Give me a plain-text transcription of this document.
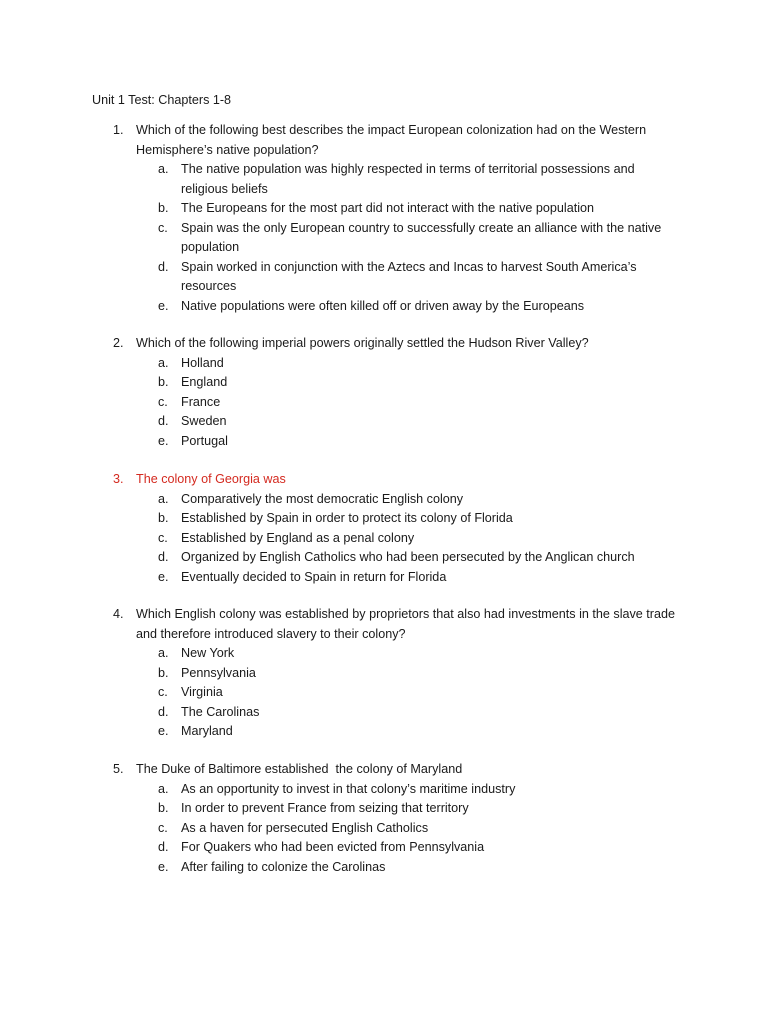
Unit 1 Test: Chapters 1-8
1. Which of the following best describes the impact European colonization had on the Western Hemisphere’s native population?
a. The native population was highly respected in terms of territorial possessions and religious beliefs
b. The Europeans for the most part did not interact with the native population
c. Spain was the only European country to successfully create an alliance with the native population
d. Spain worked in conjunction with the Aztecs and Incas to harvest South America’s resources
e. Native populations were often killed off or driven away by the Europeans
2. Which of the following imperial powers originally settled the Hudson River Valley?
a. Holland
b. England
c. France
d. Sweden
e. Portugal
3. The colony of Georgia was
a. Comparatively the most democratic English colony
b. Established by Spain in order to protect its colony of Florida
c. Established by England as a penal colony
d. Organized by English Catholics who had been persecuted by the Anglican church
e. Eventually decided to Spain in return for Florida
4. Which English colony was established by proprietors that also had investments in the slave trade and therefore introduced slavery to their colony?
a. New York
b. Pennsylvania
c. Virginia
d. The Carolinas
e. Maryland
5. The Duke of Baltimore established  the colony of Maryland
a. As an opportunity to invest in that colony’s maritime industry
b. In order to prevent France from seizing that territory
c. As a haven for persecuted English Catholics
d. For Quakers who had been evicted from Pennsylvania
e. After failing to colonize the Carolinas
